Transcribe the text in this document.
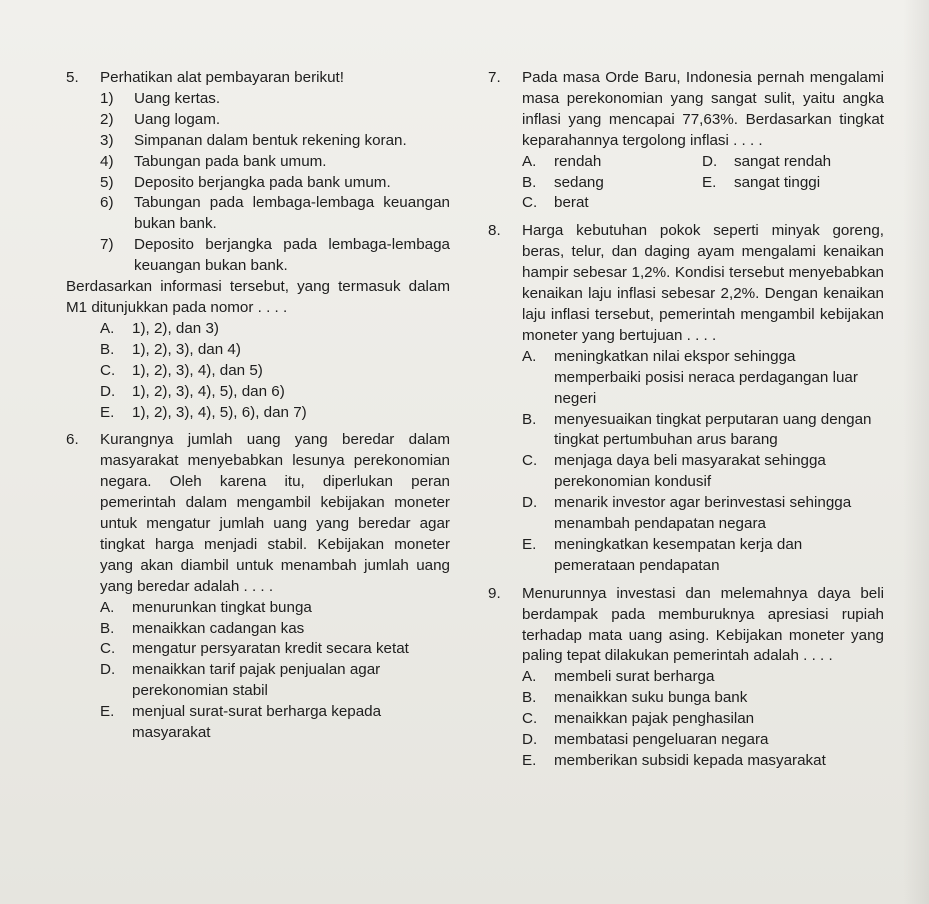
5.	Perhatikan alat pembayaran berikut!
1)	Uang kertas.
2)	Uang logam.
3)	Simpanan dalam bentuk rekening koran.
4)	Tabungan pada bank umum.
5)	Deposito berjangka pada bank umum.
6)	Tabungan pada lembaga-lembaga keuangan bukan bank.
7)	Deposito berjangka pada lembaga-lembaga keuangan bukan bank.
Berdasarkan informasi tersebut, yang termasuk dalam M1 ditunjukkan pada nomor . . . .
A.	1), 2), dan 3)
B.	1), 2), 3), dan 4)
C.	1), 2), 3), 4), dan 5)
D.	1), 2), 3), 4), 5), dan 6)
E.	1), 2), 3), 4), 5), 6), dan 7)
6.	Kurangnya jumlah uang yang beredar dalam masyarakat menyebabkan lesunya perekonomian negara. Oleh karena itu, diperlukan peran pemerintah dalam mengambil kebijakan moneter untuk mengatur jumlah uang yang beredar agar tingkat harga menjadi stabil. Kebijakan moneter yang akan diambil untuk menambah jumlah uang yang beredar adalah . . . .
A.	menurunkan tingkat bunga
B.	menaikkan cadangan kas
C.	mengatur persyaratan kredit secara ketat
D.	menaikkan tarif pajak penjualan agar perekonomian stabil
E.	menjual surat-surat berharga kepada masyarakat
7.	Pada masa Orde Baru, Indonesia pernah mengalami masa perekonomian yang sangat sulit, yaitu angka inflasi yang mencapai 77,63%. Berdasarkan tingkat keparahannya tergolong inflasi . . . .
A.	rendah	D.	sangat rendah
B.	sedang	E.	sangat tinggi
C.	berat
8.	Harga kebutuhan pokok seperti minyak goreng, beras, telur, dan daging ayam mengalami kenaikan hampir sebesar 1,2%. Kondisi tersebut menyebabkan kenaikan laju inflasi sebesar 2,2%. Dengan kenaikan laju inflasi tersebut, pemerintah mengambil kebijakan moneter yang bertujuan . . . .
A.	meningkatkan nilai ekspor sehingga memperbaiki posisi neraca perdagangan luar negeri
B.	menyesuaikan tingkat perputaran uang dengan tingkat pertumbuhan arus barang
C.	menjaga daya beli masyarakat sehingga perekonomian kondusif
D.	menarik investor agar berinvestasi sehingga menambah pendapatan negara
E.	meningkatkan kesempatan kerja dan pemerataan pendapatan
9.	Menurunnya investasi dan melemahnya daya beli berdampak pada memburuknya apresiasi rupiah terhadap mata uang asing. Kebijakan moneter yang paling tepat dilakukan pemerintah adalah . . . .
A.	membeli surat berharga
B.	menaikkan suku bunga bank
C.	menaikkan pajak penghasilan
D.	membatasi pengeluaran negara
E.	memberikan subsidi kepada masyarakat
